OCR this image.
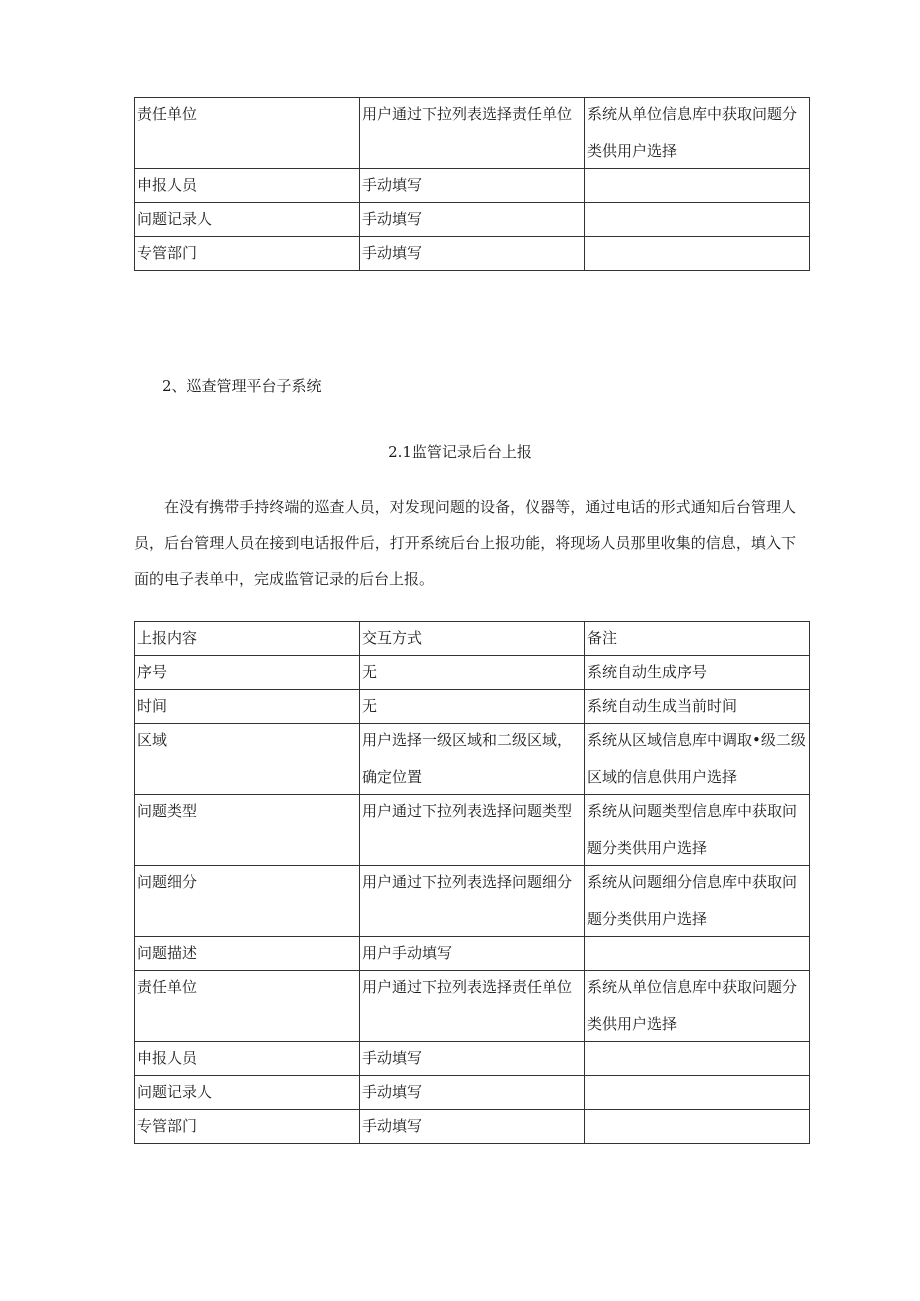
责任单位	用户通过下拉列表选择责任单位	系统从单位信息库中获取问题分类供用户选择

申报人员	手动填写	

问题记录人	手动填写	

专管部门	手动填写	

2、巡查管理平台子系统
2.1监管记录后台上报
在没有携带手持终端的巡查人员，对发现问题的设备，仪器等，通过电话的形式通知后台管理人员，后台管理人员在接到电话报件后，打开系统后台上报功能，将现场人员那里收集的信息，填入下面的电子表单中，完成监管记录的后台上报。
上报内容	交互方式	备注

序号	无	系统自动生成序号

时间	无	系统自动生成当前时间

区域	用户选择一级区域和二级区域，确定位置	系统从区域信息库中调取•级二级区域的信息供用户选择

问题类型	用户通过下拉列表选择问题类型	系统从问题类型信息库中获取问题分类供用户选择

问题细分	用户通过下拉列表选择问题细分	系统从问题细分信息库中获取问题分类供用户选择

问题描述	用户手动填写	

责任单位	用户通过下拉列表选择责任单位	系统从单位信息库中获取问题分类供用户选择

申报人员	手动填写	

问题记录人	手动填写	

专管部门	手动填写	
